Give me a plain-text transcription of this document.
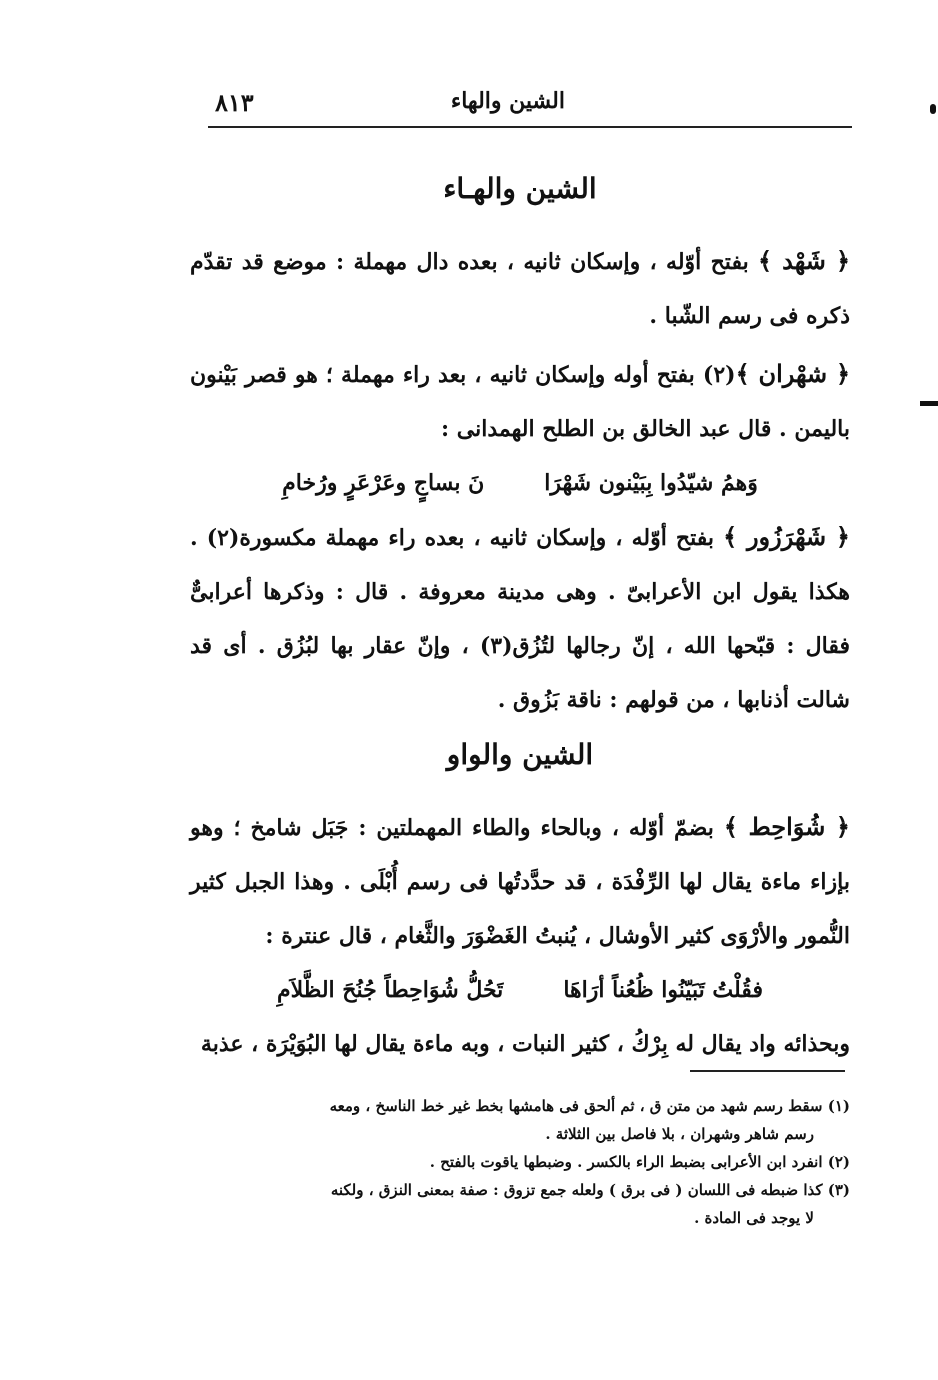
الشين والهاء
٨١٣
الشين والهـاء

﴿ شَهْد ﴾ بفتح أوّله ، وإسكان ثانيه ، بعده دال مهملة : موضع قد تقدّم ذكره فى رسم الشّبا .

﴿ شهْران ﴾(٢) بفتح أوله وإسكان ثانيه ، بعد راء مهملة ؛ هو قصر بَيْنون باليمن . قال عبد الخالق بن الطلح الهمدانى :

وَهمُ شيّدُوا بِبَيْنون شَهْرَا
نَ بساجٍ وعَرْعَرٍ ورُخامِ

﴿ شَهْرَزُور ﴾ بفتح أوّله ، وإسكان ثانيه ، بعده راء مهملة مكسورة(٢) . هكذا يقول ابن الأعرابىّ . وهى مدينة معروفة . قال : وذكرها أعرابىٌّ فقال : قبّحها الله ، إنّ رجالها لتُزُق(٣) ، وإنّ عقار بها لبُزُق . أى قد شالت أذنابها ، من قولهم : ناقة بَزُوق .

الشين والواو

﴿ شُوَاحِط ﴾ بضمّ أوّله ، وبالحاء والطاء المهملتين : جَبَل شامخ ؛ وهو بإزاء ماءة يقال لها الرِّفْدَة ، قد حدَّدتُها فى رسم أُبْلَى . وهذا الجبل كثير النُّمور والأرْوَى كثير الأوشال ، يُنبتُ الغَضْوَرَ والثَّغام ، قال عنترة :

فقُلْتُ تَبَيّنُوا ظُعُناً أرَاهَا
تَحُلُّ شُوَاحِطاً جُنُحَ الظَّلاَمِ

وبحذائه واد يقال له بِرْكُ ، كثير النبات ، وبه ماءة يقال لها البُوَيْرَة ، عذبة

(١) سقط رسم شهد من متن ق ، ثم ألحق فى هامشها بخط غير خط الناسخ ، ومعه

رسم شاهر وشهران ، بلا فاصل بين الثلاثة .

(٢) انفرد ابن الأعرابى بضبط الراء بالكسر . وضبطها ياقوت بالفتح .

(٣) كذا ضبطه فى اللسان ( فى برق ) ولعله جمع تزوق : صفة بمعنى النزق ، ولكنه

لا يوجد فى المادة .
